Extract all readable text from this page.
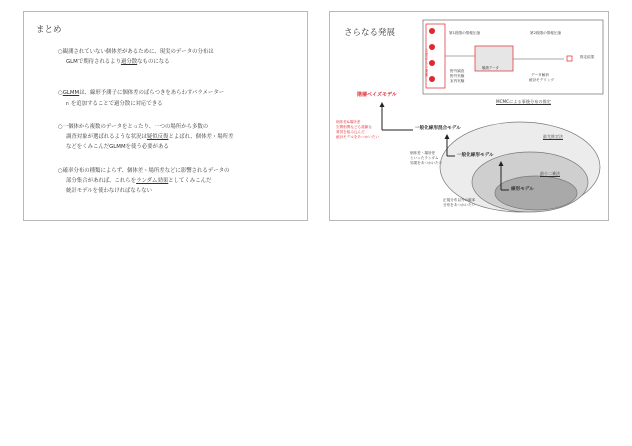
まとめ
○観測されていない個体差があるために、現実のデータの分布は
GLMで期待されるより過分散なものになる
○GLMMは、線形予測子に個体差のばらつきをあらわすパラメーター
rᵢ を追加することで過分散に対応できる
○一個体から複数のデータをとったり、一つの場所から多数の
調査対象が選ばれるような状況は疑似反復とよばれ、個体差・場所差
などをくみこんだGLMMを使う必要がある
○確率分布の種類によらず、個体差・場所差などに影響されるデータの
部分集合があれば、これらをランダム効果としてくみこんだ
統計モデルを使わなければならない
さらなる発展
自然がもつ複雑
第1段階の情報圧縮
観測データ
第2段階の情報圧縮
野外調査
野外実験
室内実験
データ解析
統計モデリング
推定結果
階層ベイズモデル
一般化線形混合モデル
一般化線形モデル
線形モデル
MCMCによる事後分布の推定
最尤推定法
最小二乗法
個体差&場所差
空間相関なども複雑な
要因を組み込んだ
統計モデルをあつかいたい
個体差・場所差
といったランダム
効果をあつかいたい
正規分布以外の確率
分布をあつかいたい
